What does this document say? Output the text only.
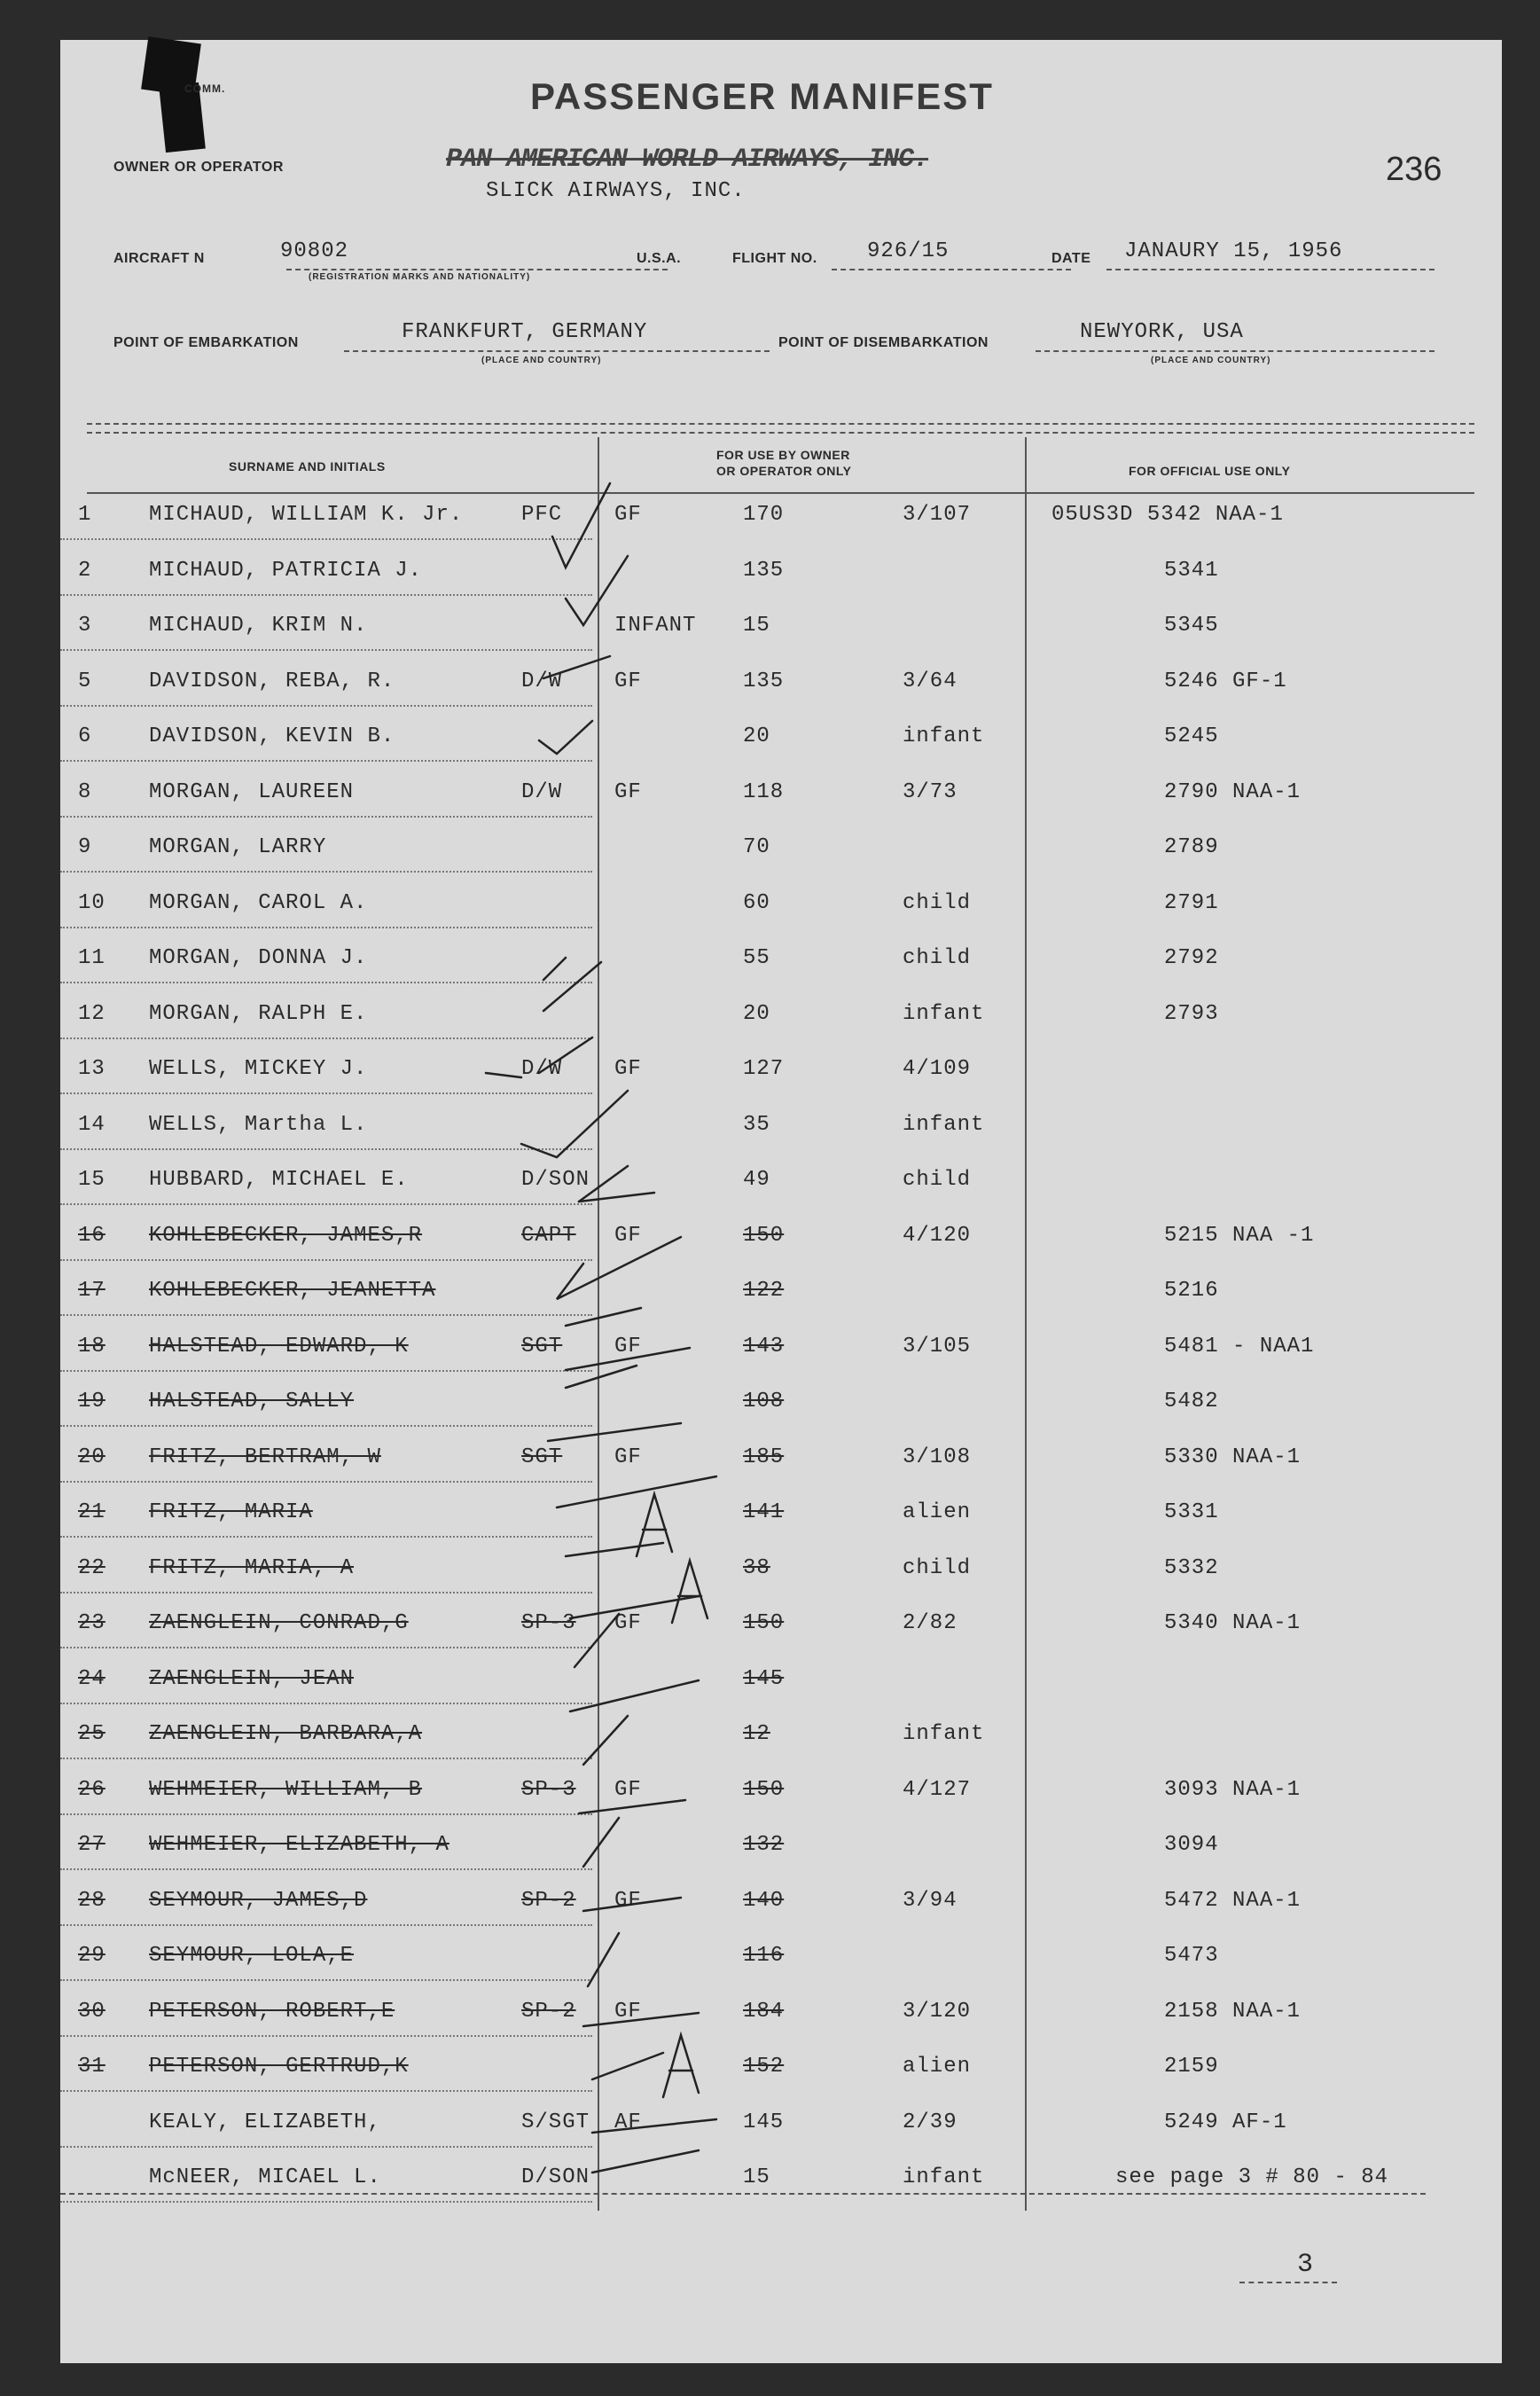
COMM.	PASSENGER MANIFEST
236
OWNER OR OPERATOR	PAN AMERICAN WORLD AIRWAYS, INC.
SLICK AIRWAYS, INC.
AIRCRAFT N	90802
(REGISTRATION MARKS AND NATIONALITY)
U.S.A.	FLIGHT NO. 926/15	DATE JANAURY 15, 1956
POINT OF EMBARKATION	FRANKFURT, GERMANY
(PLACE AND COUNTRY)
POINT OF DISEMBARKATION	NEWYORK, USA
(PLACE AND COUNTRY)
SURNAME AND INITIALS
FOR USE BY OWNER
OR OPERATOR ONLY	FOR OFFICIAL USE ONLY
1	MICHAUD, WILLIAM K. Jr.	PFC GF	170	3/107	05US3D 5342 NAA-1
2	MICHAUD, PATRICIA J.	135	5341
3	MICHAUD, KRIM N.	INFANT 15	5345
5	DAVIDSON, REBA, R.	D/W GF	135	3/64	5246 GF-1
6	DAVIDSON, KEVIN B.	20	infant	5245
8	MORGAN, LAUREEN	D/W GF	118	3/73	2790 NAA-1
9	MORGAN, LARRY	70	2789
10 MORGAN, CAROL A.	60	child	2791
11 MORGAN, DONNA J.	55	child	2792
12 MORGAN, RALPH E.	20	infant	2793
13 WELLS, MICKEY J.	D/W GF	127	4/109
14 WELLS, Martha L.	35	infant
15 HUBBARD, MICHAEL E.	D/SON	49	child
16 KOHLEBECKER, JAMES,R	CAPT GF	150	4/120	5215 NAA -1
17 KOHLEBECKER, JEANETTA	122	5216
18 HALSTEAD, EDWARD, K	SGT GF	143	3/105	5481 - NAA1
19 HALSTEAD, SALLY	108	5482
20 FRITZ, BERTRAM, W	SGT GF	185	3/108	5330 NAA-1
21 FRITZ, MARIA	141	alien	5331
22 FRITZ, MARIA, A	38	child	5332
23 ZAENGLEIN, CONRAD,G	SP-3 GF	150	2/82	5340 NAA-1
24 ZAENGLEIN, JEAN	145
25 ZAENGLEIN, BARBARA,A	12	infant
26 WEHMEIER, WILLIAM, B	SP-3 GF	150	4/127	3093 NAA-1
27 WEHMEIER, ELIZABETH, A	132	3094
28 SEYMOUR, JAMES,D	SP-2 GF	140	3/94	5472 NAA-1
29 SEYMOUR, LOLA,E	116	5473
30 PETERSON, ROBERT,E	SP-2 GF	184	3/120	2158 NAA-1
31 PETERSON, GERTRUD,K	152	alien	2159
KEALY, ELIZABETH,	S/SGT AF	145	2/39	5249 AF-1
McNEER, MICAEL L.	D/SON	15	infant	see page 3 # 80 - 84
3
